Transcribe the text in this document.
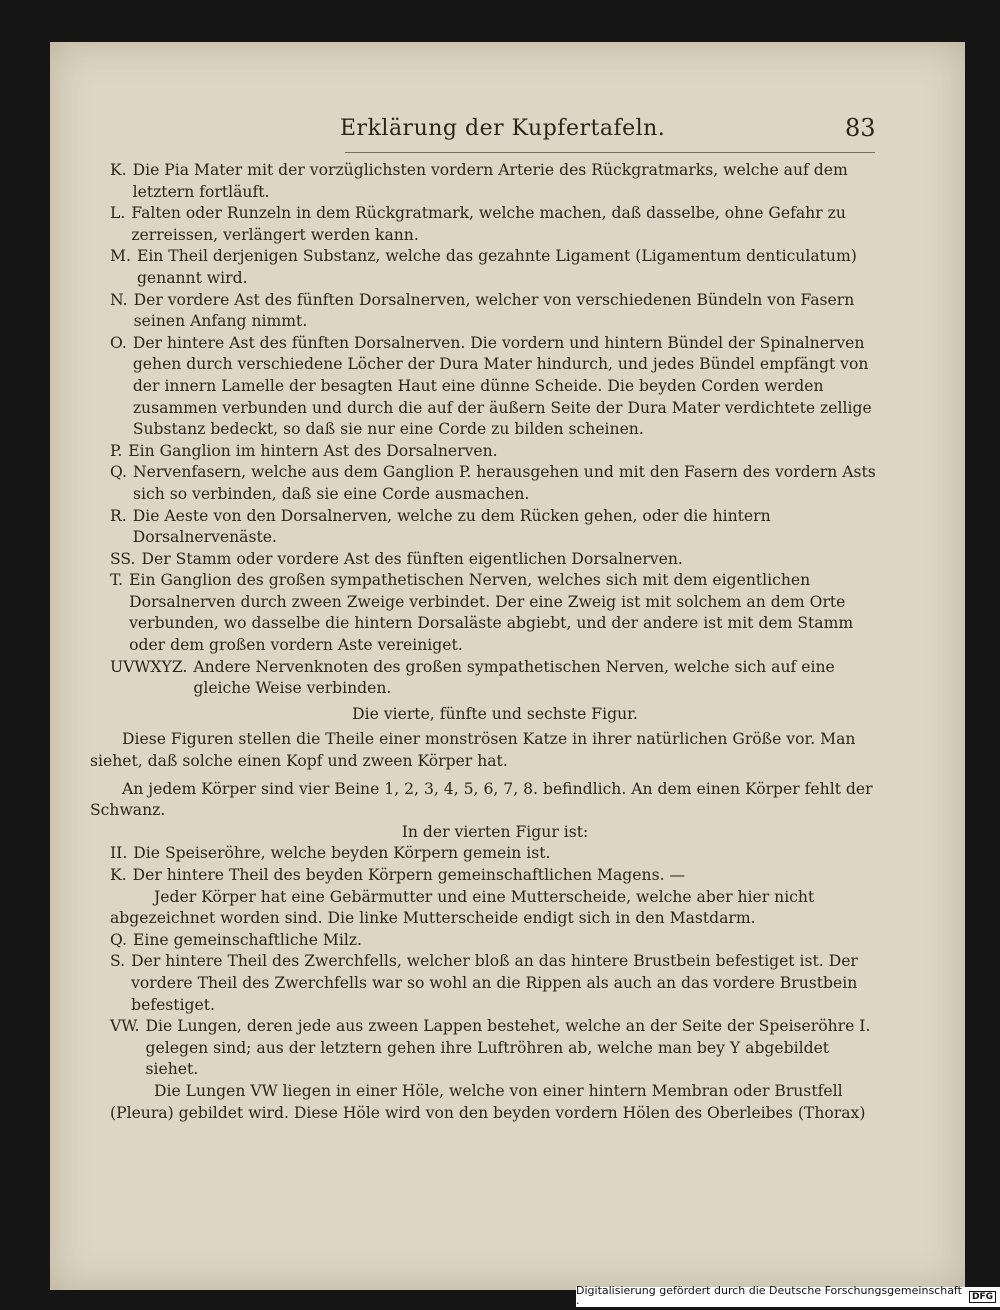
Erklärung der Kupfertafeln.	83
K. Die Pia Mater mit der vorzüglichsten vordern Arterie des Rückgratmarks, welche auf dem letztern fortläuft.
L. Falten oder Runzeln in dem Rückgratmark, welche machen, daß dasselbe, ohne Gefahr zu zerreissen, verlängert werden kann.
M. Ein Theil derjenigen Substanz, welche das gezahnte Ligament (Ligamentum denticulatum) genannt wird.
N. Der vordere Ast des fünften Dorsalnerven, welcher von verschiedenen Bündeln von Fasern seinen Anfang nimmt.
O. Der hintere Ast des fünften Dorsalnerven. Die vordern und hintern Bündel der Spinalnerven gehen durch verschiedene Löcher der Dura Mater hindurch, und jedes Bündel empfängt von der innern Lamelle der besagten Haut eine dünne Scheide. Die beyden Corden werden zusammen verbunden und durch die auf der äußern Seite der Dura Mater verdichtete zellige Substanz bedeckt, so daß sie nur eine Corde zu bilden scheinen.
P. Ein Ganglion im hintern Ast des Dorsalnerven.
Q. Nervenfasern, welche aus dem Ganglion P. herausgehen und mit den Fasern des vordern Asts sich so verbinden, daß sie eine Corde ausmachen.
R. Die Aeste von den Dorsalnerven, welche zu dem Rücken gehen, oder die hintern Dorsalnervenäste.
SS. Der Stamm oder vordere Ast des fünften eigentlichen Dorsalnerven.
T. Ein Ganglion des großen sympathetischen Nerven, welches sich mit dem eigentlichen Dorsalnerven durch zween Zweige verbindet. Der eine Zweig ist mit solchem an dem Orte verbunden, wo dasselbe die hintern Dorsaläste abgiebt, und der andere ist mit dem Stamm oder dem großen vordern Aste vereiniget.
UVWXYZ. Andere Nervenknoten des großen sympathetischen Nerven, welche sich auf eine gleiche Weise verbinden.
Die vierte, fünfte und sechste Figur.
Diese Figuren stellen die Theile einer monströsen Katze in ihrer natürlichen Größe vor. Man siehet, daß solche einen Kopf und zween Körper hat.
An jedem Körper sind vier Beine 1, 2, 3, 4, 5, 6, 7, 8. befindlich. An dem einen Körper fehlt der Schwanz.
In der vierten Figur ist:
II. Die Speiseröhre, welche beyden Körpern gemein ist.
K. Der hintere Theil des beyden Körpern gemeinschaftlichen Magens. —
Jeder Körper hat eine Gebärmutter und eine Mutterscheide, welche aber hier nicht abgezeichnet worden sind. Die linke Mutterscheide endigt sich in den Mastdarm.
Q. Eine gemeinschaftliche Milz.
S. Der hintere Theil des Zwerchfells, welcher bloß an das hintere Brustbein befestiget ist. Der vordere Theil des Zwerchfells war so wohl an die Rippen als auch an das vordere Brustbein befestiget.
VW. Die Lungen, deren jede aus zween Lappen bestehet, welche an der Seite der Speiseröhre I. gelegen sind; aus der letztern gehen ihre Luftröhren ab, welche man bey Y abgebildet siehet.
Die Lungen VW liegen in einer Höle, welche von einer hintern Membran oder Brustfell (Pleura) gebildet wird. Diese Höle wird von den beyden vordern Hölen des Oberleibes (Thorax)
Digitalisierung gefördert durch die Deutsche Forschungsgemeinschaft ·	DFG
